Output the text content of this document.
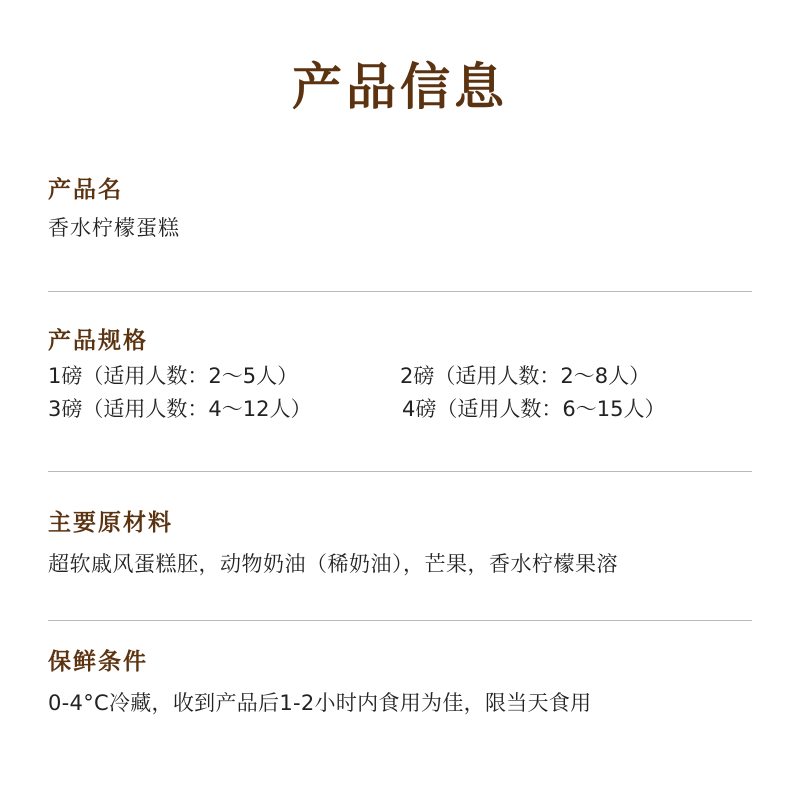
产品信息
产品名
香水柠檬蛋糕
产品规格
1磅（适用人数：2～5人）	2磅（适用人数：2～8人）
3磅（适用人数：4～12人）	4磅（适用人数：6～15人）
主要原材料
超软戚风蛋糕胚，动物奶油（稀奶油），芒果，香水柠檬果溶
保鲜条件
0-4°C冷藏，收到产品后1-2小时内食用为佳，限当天食用
